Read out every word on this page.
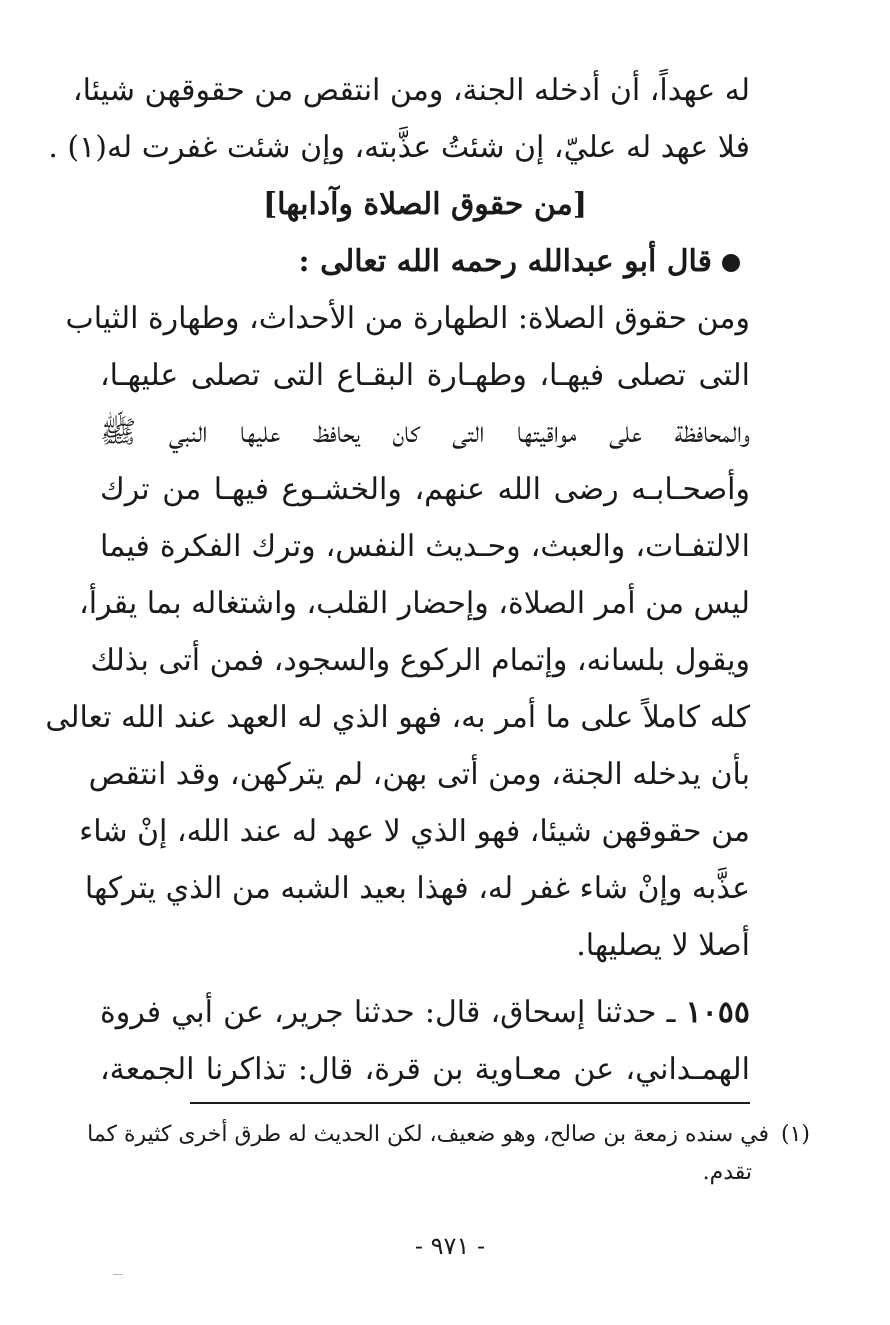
له عهداً، أن أدخله الجنة، ومن انتقص من حقوقهن شيئا،
فلا عهد له عليّ، إن شئتُ عذَّبته، وإن شئت غفرت له(١) .
[من حقوق الصلاة وآدابها]
قال أبو عبدالله رحمه الله تعالى :
ومن حقوق الصلاة: الطهارة من الأحداث، وطهارة الثياب
التى تصلى فيهـا، وطهـارة البقـاع التى تصلى عليهـا،
والمحافظة على مواقيتها التى كان يحافظ عليها النبي ﷺ
وأصحـابـه رضى الله عنهم، والخشـوع فيهـا من ترك
الالتفـات، والعبث، وحـديث النفس، وترك الفكرة فيما
ليس من أمر الصلاة، وإحضار القلب، واشتغاله بما يقرأ،
ويقول بلسانه، وإتمام الركوع والسجود، فمن أتى بذلك
كله كاملاً على ما أمر به، فهو الذي له العهد عند الله تعالى
بأن يدخله الجنة، ومن أتى بهن، لم يتركهن، وقد انتقص
من حقوقهن شيئا، فهو الذي لا عهد له عند الله، إنْ شاء
عذَّبه وإنْ شاء غفر له، فهذا بعيد الشبه من الذي يتركها
أصلا لا يصليها.
١٠٥٥ ـ حدثنا إسحاق، قال: حدثنا جرير، عن أبي فروة
الهمـداني، عن معـاوية بن قرة، قال: تذاكرنا الجمعة،
(١)في سنده زمعة بن صالح، وهو ضعيف، لكن الحديث له طرق أخرى كثيرة كما
تقدم.
- ٩٧١ -
